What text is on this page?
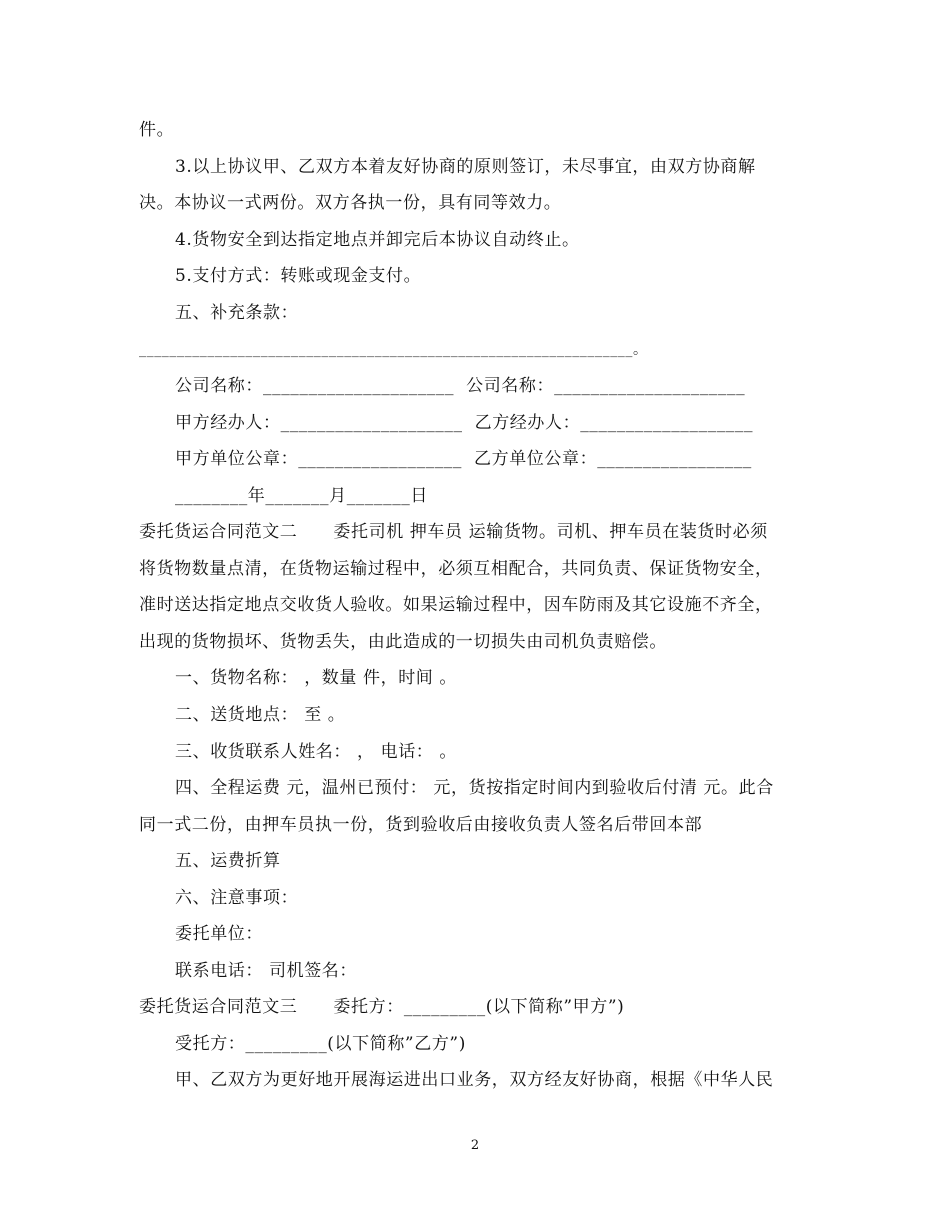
件。
3.以上协议甲、乙双方本着友好协商的原则签订，未尽事宜，由双方协商解
决。本协议一式两份。双方各执一份，具有同等效力。
4.货物安全到达指定地点并卸完后本协议自动终止。
5.支付方式：转账或现金支付。
五、补充条款：
_________________________________________________________________。
公司名称：_____________________  公司名称：_____________________
甲方经办人：____________________  乙方经办人：___________________
甲方单位公章：__________________  乙方单位公章：_________________
________年_______月_______日
委托货运合同范文二      委托司机 押车员 运输货物。司机、押车员在装货时必须
将货物数量点清，在货物运输过程中，必须互相配合，共同负责、保证货物安全，
准时送达指定地点交收货人验收。如果运输过程中，因车防雨及其它设施不齐全，
出现的货物损坏、货物丢失，由此造成的一切损失由司机负责赔偿。
一、货物名称： ，数量 件，时间 。
二、送货地点： 至 。
三、收货联系人姓名： ， 电话： 。
四、全程运费 元，温州已预付： 元，货按指定时间内到验收后付清 元。此合
同一式二份，由押车员执一份，货到验收后由接收负责人签名后带回本部
五、运费折算
六、注意事项：
委托单位：
联系电话： 司机签名：
委托货运合同范文三      委托方：_________(以下简称”甲方”)
受托方：_________(以下简称”乙方”)
甲、乙双方为更好地开展海运进出口业务，双方经友好协商，根据《中华人民
2
